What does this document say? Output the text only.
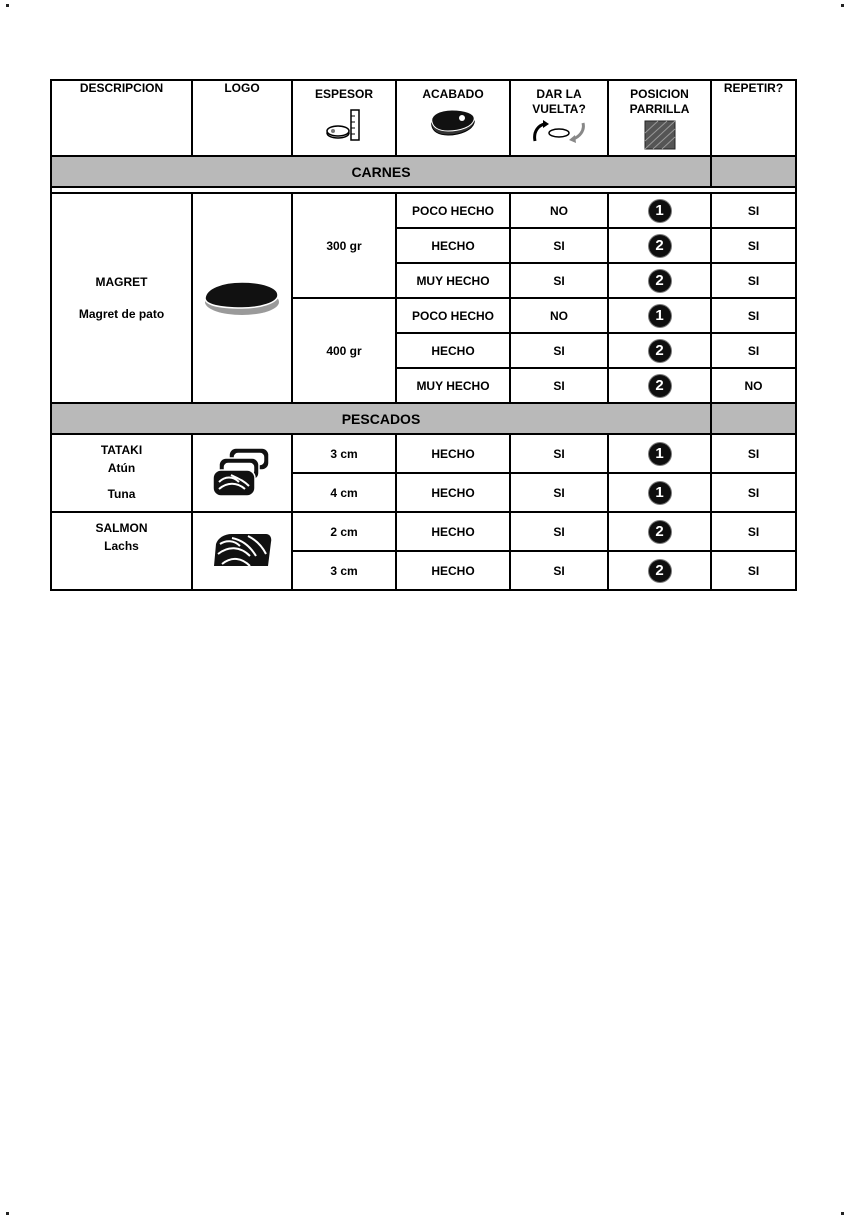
DESCRIPCION	LOGO	ESPESOR	ACABADO	DAR LA
VUELTA?	POSICION
PARRILLA	REPETIR?
CARNES						

MAGRET
Magret de pato		300 gr	POCO HECHO	NO	1	SI
			HECHO	SI	2	SI
			MUY HECHO	SI	2	SI
		400 gr	POCO HECHO	NO	1	SI
			HECHO	SI	2	SI
			MUY HECHO	SI	2	NO
PESCADOS						
TATAKI
Atún
Tuna		3 cm	HECHO	SI	1	SI
		4 cm	HECHO	SI	1	SI
SALMON
Lachs		2 cm	HECHO	SI	2	SI
		3 cm	HECHO	SI	2	SI
